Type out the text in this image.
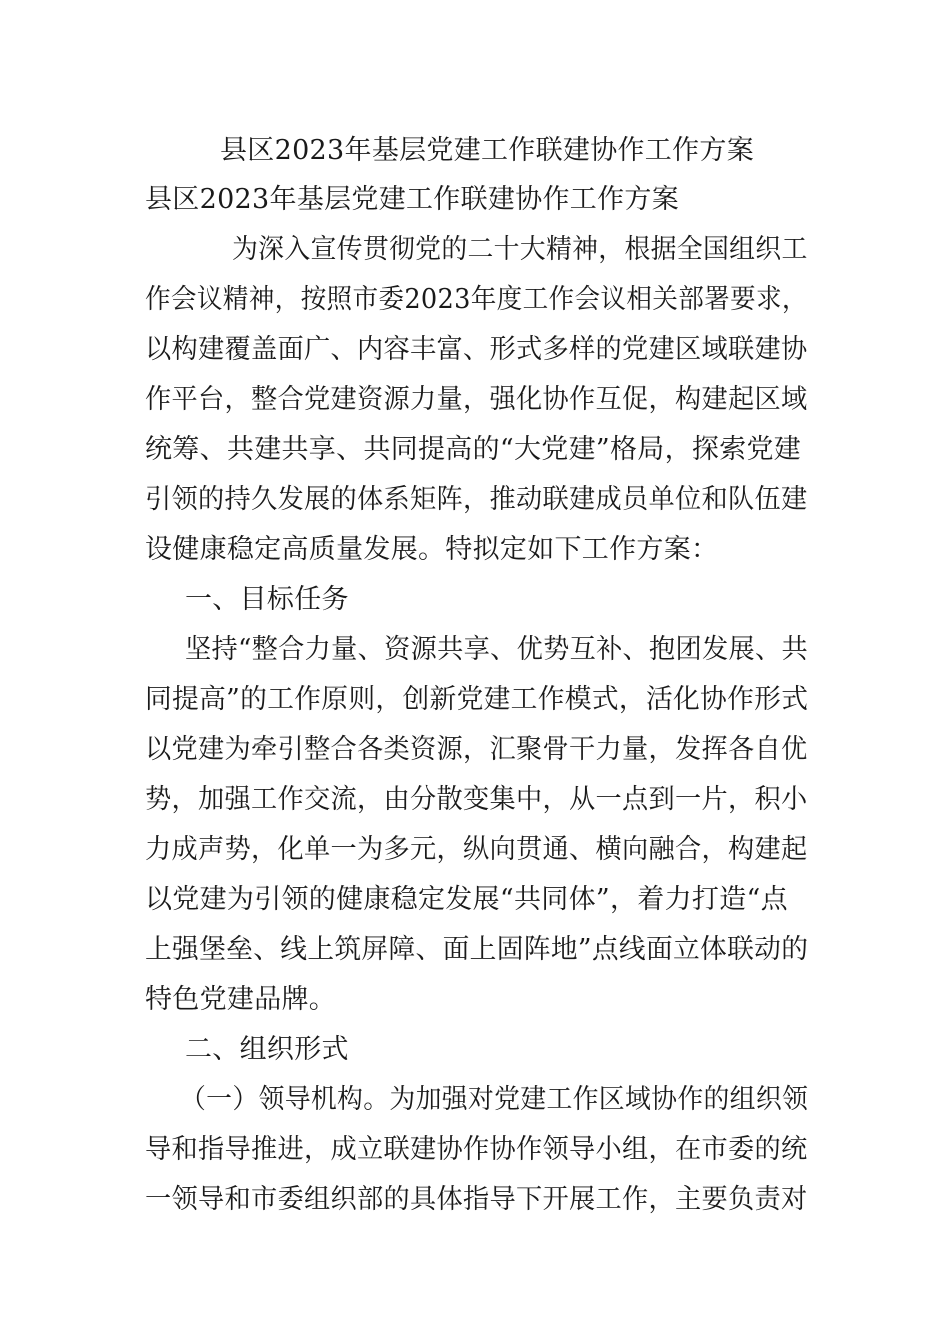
县区2023年基层党建工作联建协作工作方案
县区2023年基层党建工作联建协作工作方案
为深入宣传贯彻党的二十大精神，根据全国组织工
作会议精神，按照市委2023年度工作会议相关部署要求，
以构建覆盖面广、内容丰富、形式多样的党建区域联建协
作平台，整合党建资源力量，强化协作互促，构建起区域
统筹、共建共享、共同提高的“大党建”格局，探索党建
引领的持久发展的体系矩阵，推动联建成员单位和队伍建
设健康稳定高质量发展。特拟定如下工作方案：
一、目标任务
坚持“整合力量、资源共享、优势互补、抱团发展、共
同提高”的工作原则，创新党建工作模式，活化协作形式
以党建为牵引整合各类资源，汇聚骨干力量，发挥各自优
势，加强工作交流，由分散变集中，从一点到一片，积小
力成声势，化单一为多元，纵向贯通、横向融合，构建起
以党建为引领的健康稳定发展“共同体”，着力打造“点
上强堡垒、线上筑屏障、面上固阵地”点线面立体联动的
特色党建品牌。
二、组织形式
（一）领导机构。为加强对党建工作区域协作的组织领
导和指导推进，成立联建协作协作领导小组，在市委的统
一领导和市委组织部的具体指导下开展工作，主要负责对
